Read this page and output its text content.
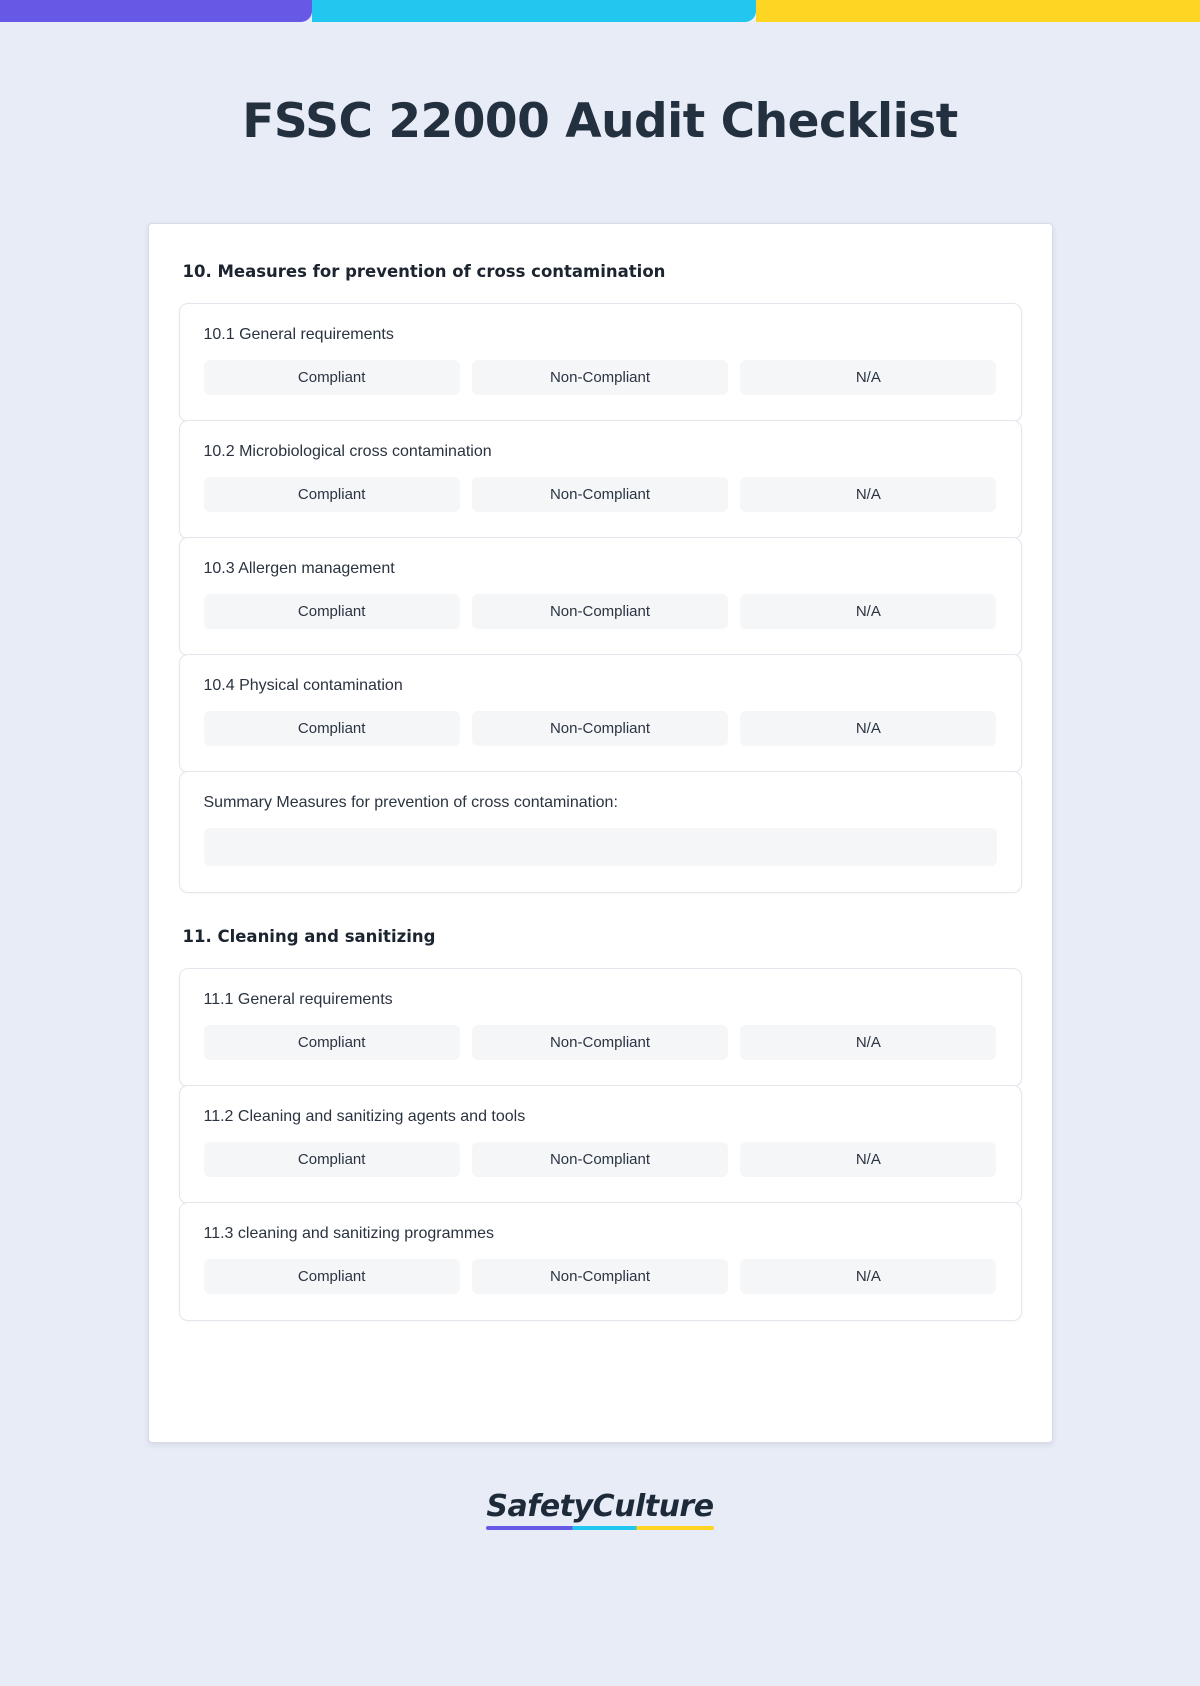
FSSC 22000 Audit Checklist
10. Measures for prevention of cross contamination
10.1 General requirements
Compliant	Non-Compliant	N/A
10.2 Microbiological cross contamination
Compliant	Non-Compliant	N/A
10.3 Allergen management
Compliant	Non-Compliant	N/A
10.4 Physical contamination
Compliant	Non-Compliant	N/A
Summary Measures for prevention of cross contamination:
11. Cleaning and sanitizing
11.1 General requirements
Compliant	Non-Compliant	N/A
11.2 Cleaning and sanitizing agents and tools
Compliant	Non-Compliant	N/A
11.3 cleaning and sanitizing programmes
Compliant	Non-Compliant	N/A
SafetyCulture
